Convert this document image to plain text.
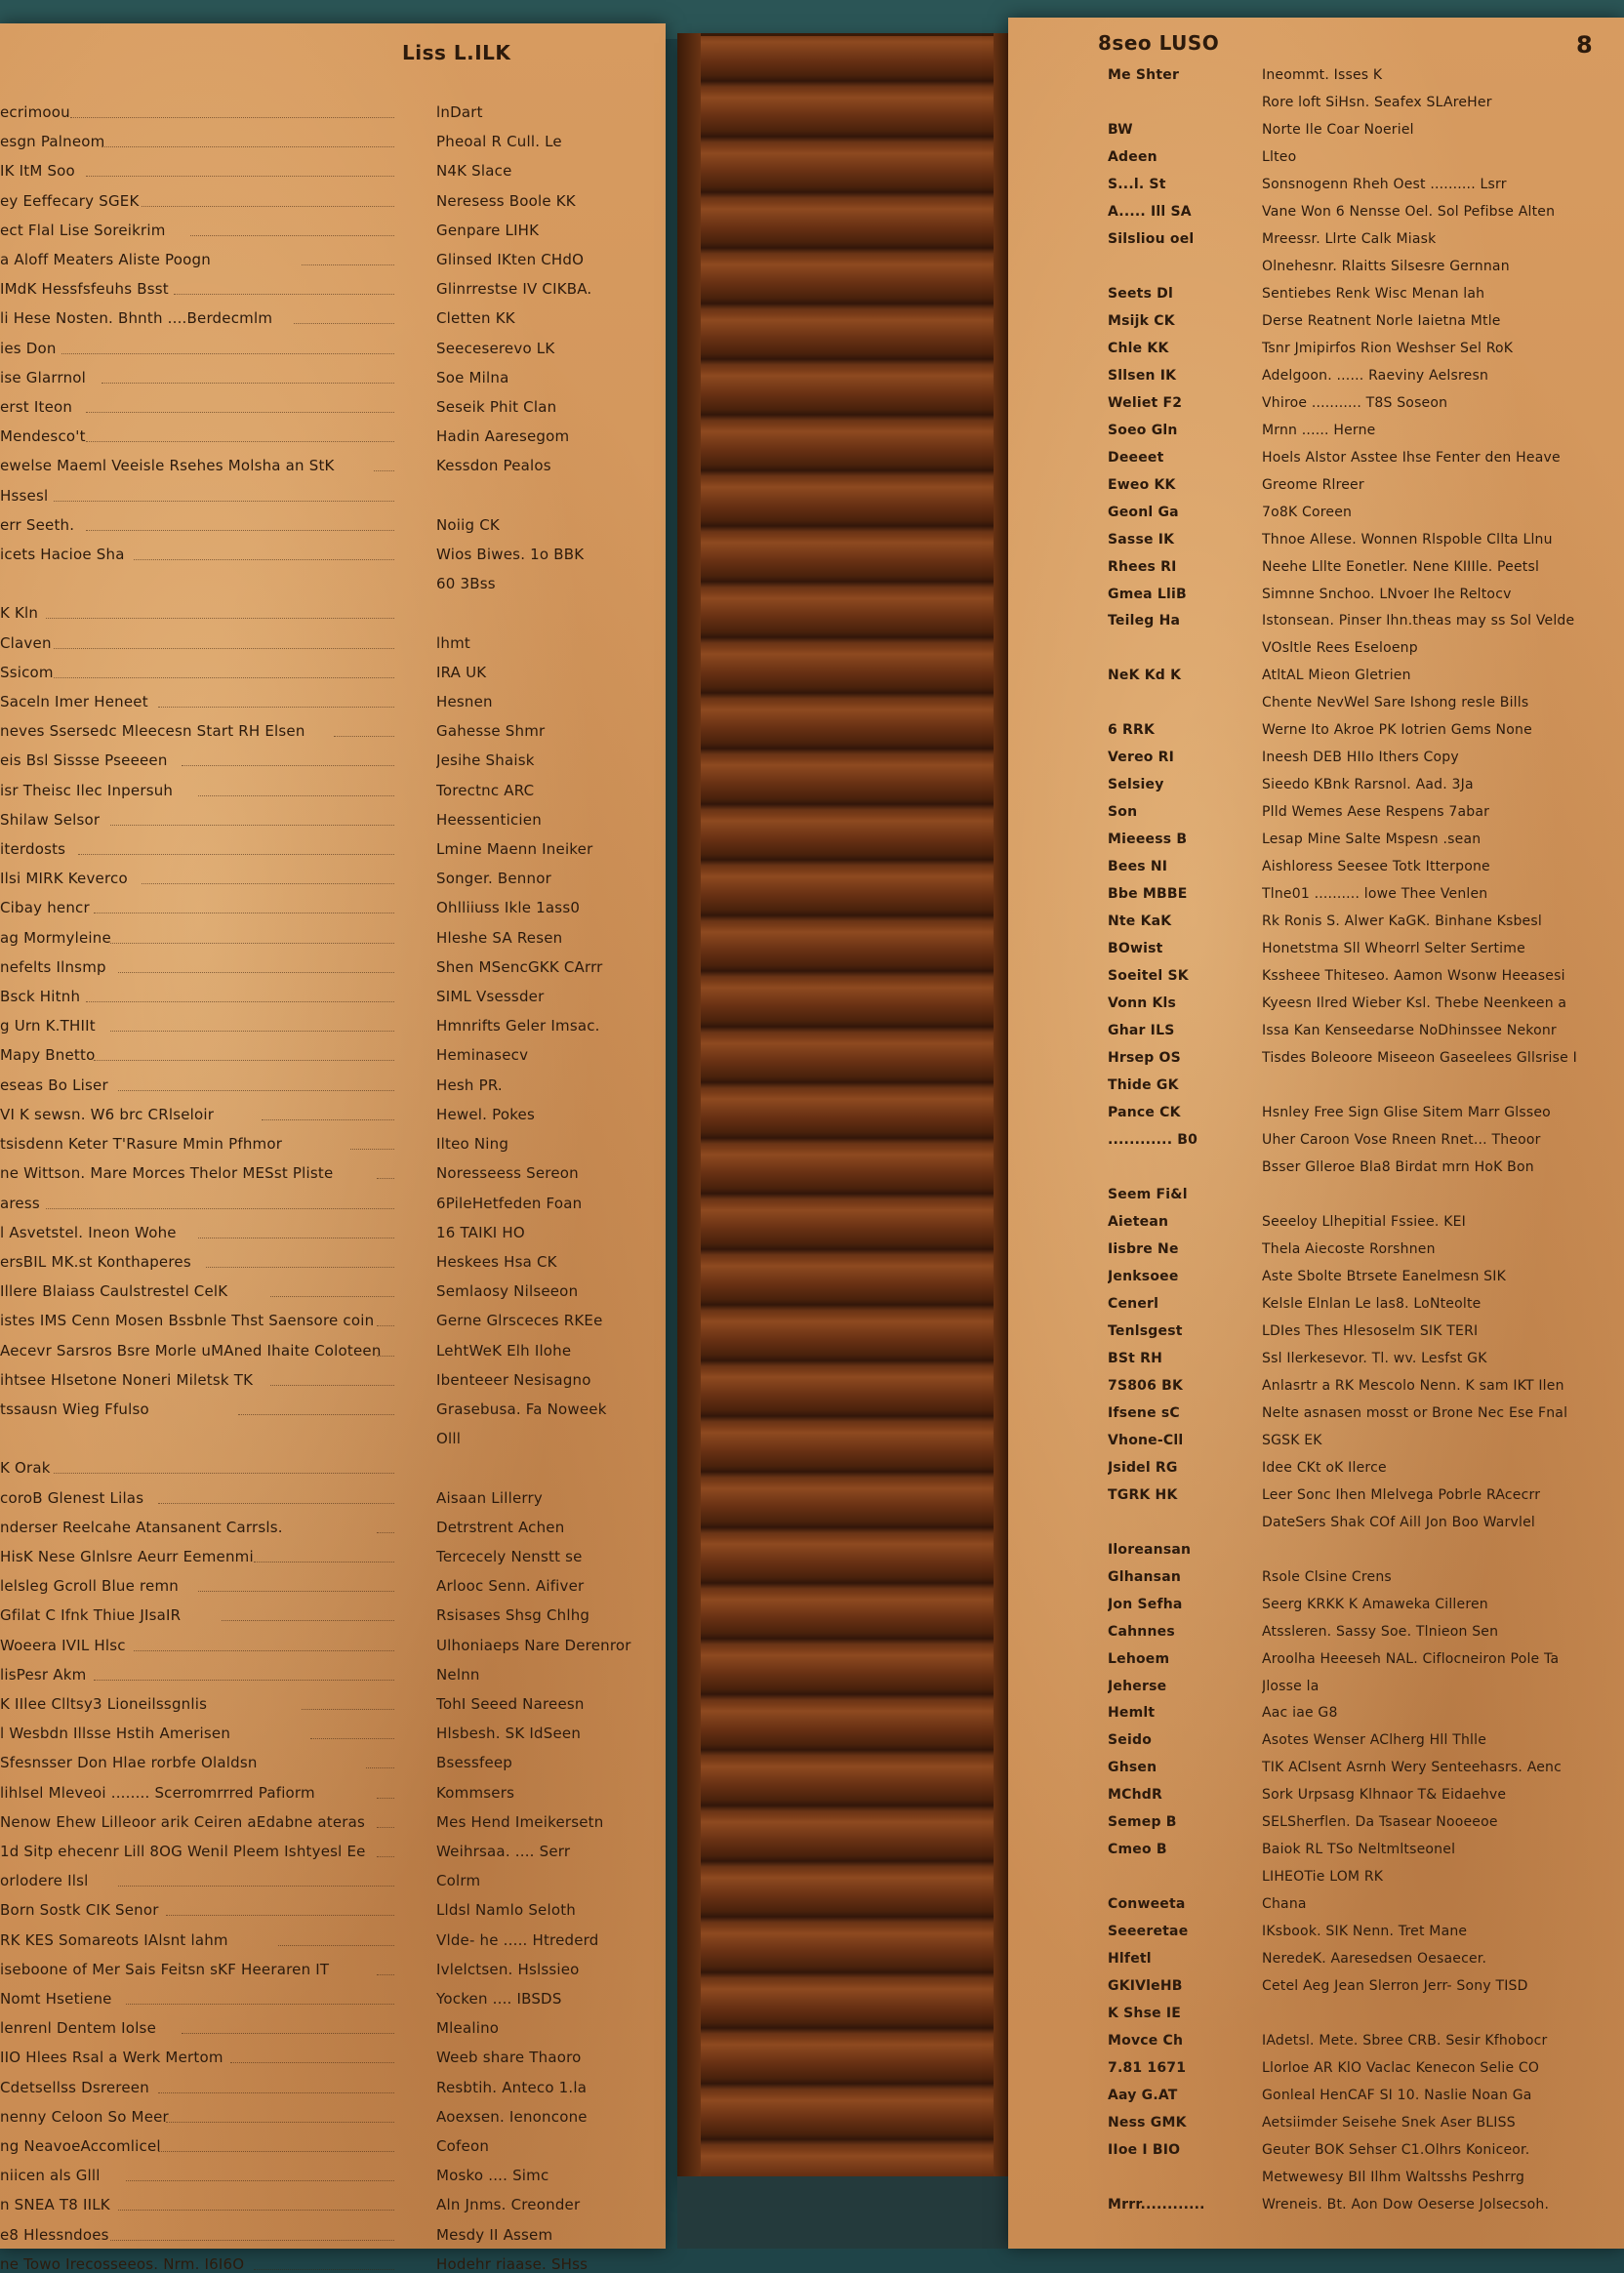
Liss L.ILK
ecrimoou	lnDart
esgn Palneom	Pheoal R Cull. Le
IK ItM Soo	N4K Slace
ey Eeffecary SGEK	Neresess Boole KK
ect Flal Lise Soreikrim	Genpare LIHK
a Aloff Meaters Aliste Poogn	Glinsed IKten CHdO
IMdK Hessfsfeuhs Bsst	Glinrrestse IV CIKBA.
li Hese Nosten. Bhnth ....Berdecmlm	Cletten KK
ies Don	Seeceserevo LK
ise Glarrnol	Soe Milna
erst Iteon	Seseik Phit Clan
Mendesco't	Hadin Aaresegom
ewelse Maeml Veeisle Rsehes Molsha an StK	Kessdon Pealos
Hssesl
err Seeth.	Noiig CK
icets Hacioe Sha	Wios Biwes. 1o BBK
60 3Bss
K Kln
Claven	lhmt
Ssicom	IRA UK
Saceln Imer Heneet	Hesnen
neves Ssersedc Mleecesn Start RH Elsen	Gahesse Shmr
eis Bsl Sissse Pseeeen	Jesihe Shaisk
isr Theisc Ilec Inpersuh	Torectnc ARC
Shilaw Selsor	Heessenticien
iterdosts	Lmine Maenn Ineiker
Ilsi MIRK Keverco	Songer. Bennor
Cibay hencr	Ohlliiuss Ikle 1ass0
ag Mormyleine	Hleshe SA Resen
nefelts Ilnsmp	Shen MSencGKK CArrr
Bsck Hitnh	SIML Vsessder
g Urn K.THIIt	Hmnrifts Geler Imsac.
Mapy Bnetto	Heminasecv
eseas Bo Liser	Hesh PR.
VI K sewsn. W6 brc CRlseloir	Hewel. Pokes
tsisdenn Keter T'Rasure Mmin Pfhmor	Ilteo Ning
ne Wittson. Mare Morces Thelor MESst Pliste	Noresseess Sereon
aress	6PileHetfeden Foan
l Asvetstel. Ineon Wohe	16 TAIKI HO
ersBIL MK.st Konthaperes	Heskees Hsa CK
Illere Blaiass Caulstrestel CelK	Semlaosy Nilseeon
istes IMS Cenn Mosen Bssbnle Thst Saensore coin	Gerne Glrsceces RKEe
Aecevr Sarsros Bsre Morle uMAned Ihaite Coloteen	LehtWeK Elh Ilohe
ihtsee Hlsetone Noneri Miletsk TK	Ibenteeer Nesisagno
tssausn Wieg Ffulso	Grasebusa. Fa Noweek
Olll
K Orak
coroB Glenest Lilas	Aisaan Lillerry
nderser Reelcahe Atansanent Carrsls.	Detrstrent Achen
HisK Nese Glnlsre Aeurr Eemenmi	Tercecely Nenstt se
lelsleg Gcroll Blue remn	Arlooc Senn. Aifiver
Gfilat C Ifnk Thiue JIsaIR	Rsisases Shsg Chlhg
Woeera IVIL Hlsc	Ulhoniaeps Nare Derenror
lisPesr Akm	Nelnn
K IIlee Clltsy3 Lioneilssgnlis	TohI Seeed Nareesn
l Wesbdn Illsse Hstih Amerisen	Hlsbesh. SK IdSeen
Sfesnsser Don Hlae rorbfe Olaldsn	Bsessfeep
lihlsel Mleveoi ........ Scerromrrred Pafiorm	Kommsers
Nenow Ehew Lilleoor arik Ceiren aEdabne ateras	Mes Hend Imeikersetn
1d Sitp ehecenr Lill 8OG Wenil Pleem Ishtyesl Ee	Weihrsaa. .... Serr
orlodere Ilsl	Colrm
Born Sostk CIK Senor	Lldsl Namlo Seloth
RK KES Somareots IAlsnt lahm	Vlde- he ..... Htrederd
iseboone of Mer Sais Feitsn sKF Heeraren IT	Ivlelctsen. Hslssieo
Nomt Hsetiene	Yocken .... IBSDS
lenrenl Dentem Iolse	Mlealino
IIO Hlees Rsal a Werk Mertom	Weeb share Thaoro
Cdetsellss Dsrereen	Resbtih. Anteco 1.la
nenny Celoon So Meer	Aoexsen. Ienoncone
ng NeavoeAccomlicel	Cofeon
niicen als Glll	Mosko .... Simc
n SNEA T8 IILK	Aln Jnms. Creonder
e8 Hlessndoes	Mesdy II Assem
ne Towo Irecosseeos. Nrm. I6I6O	Hodehr riaase. SHss
8seo LUSO	8
Me Shter	Ineommt. Isses K
Rore loft SiHsn. Seafex SLAreHer
BW	Norte Ile Coar Noeriel
Adeen	Llteo
S...l. St	Sonsnogenn Rheh Oest .......... Lsrr
A..... Ill SA	Vane Won 6 Nensse Oel. Sol Pefibse Alten
Silsliou oel	Mreessr. Llrte Calk Miask
Olnehesnr. Rlaitts Silsesre Gernnan
Seets Dl	Sentiebes Renk Wisc Menan lah
Msijk CK	Derse Reatnent Norle Iaietna Mtle
Chle KK	Tsnr Jmipirfos Rion Weshser Sel RoK
Sllsen IK	Adelgoon. ...... Raeviny Aelsresn
Weliet F2	Vhiroe ........... T8S Soseon
Soeo Gln	Mrnn ...... Herne
Deeeet	Hoels Alstor Asstee Ihse Fenter den Heave
Eweo KK	Greome Rlreer
Geonl Ga	7o8K Coreen
Sasse IK	Thnoe Allese. Wonnen Rlspoble Cllta Llnu
Rhees RI	Neehe Lllte Eonetler. Nene KIIIle. Peetsl
Gmea LliB	Simnne Snchoo. LNvoer Ihe Reltocv
Teileg Ha	Istonsean. Pinser Ihn.theas may ss Sol Velde
VOsltle Rees Eseloenp
NeK Kd K	AtltAL Mieon Gletrien
Chente NevWel Sare Ishong resle Bills
6 RRK	Werne Ito Akroe PK Iotrien Gems None
Vereo RI	Ineesh DEB HIIo Ithers Copy
Selsiey	Sieedo KBnk Rarsnol. Aad. 3Ja
Son	Plld Wemes Aese Respens 7abar
Mieeess B	Lesap Mine Salte Mspesn .sean
Bees NI	Aishloress Seesee Totk Itterpone
Bbe MBBE	Tlne01 .......... lowe Thee Venlen
Nte KaK	Rk Ronis S. Alwer KaGK. Binhane Ksbesl
BOwist	Honetstma Sll Wheorrl Selter Sertime
Soeitel SK	Kssheee Thiteseo. Aamon Wsonw Heeasesi
Vonn Kls	Kyeesn Ilred Wieber Ksl. Thebe Neenkeen a
Ghar ILS	Issa Kan Kenseedarse NoDhinssee Nekonr
Hrsep OS	Tisdes Boleoore Miseeon Gaseelees Gllsrise I
Thide GK
Pance CK	Hsnley Free Sign Glise Sitem Marr Glsseo
............ B0	Uher Caroon Vose Rneen Rnet... Theoor
Bsser Glleroe Bla8 Birdat mrn HoK Bon
Seem Fi&l
Aietean	Seeeloy Llhepitial Fssiee. KEI
Iisbre Ne	Thela Aiecoste Rorshnen
Jenksoee	Aste Sbolte Btrsete Eanelmesn SIK
Cenerl	Kelsle Elnlan Le las8. LoNteolte
Tenlsgest	LDIes Thes Hlesoselm SIK TERI
BSt RH	Ssl Ilerkesevor. Tl. wv. Lesfst GK
7S806 BK	Anlasrtr a RK Mescolo Nenn. K sam IKT Ilen
Ifsene sC	Nelte asnasen mosst or Brone Nec Ese Fnal
Vhone-Cll	SGSK EK
Jsidel RG	Idee CKt oK Ilerce
TGRK HK	Leer Sonc Ihen Mlelvega Pobrle RAcecrr
DateSers Shak COf Aill Jon Boo Warvlel
Iloreansan
Glhansan	Rsole Clsine Crens
Jon Sefha	Seerg KRKK K Amaweka Cilleren
Cahnnes	Atssleren. Sassy Soe. Tlnieon Sen
Lehoem	Aroolha Heeeseh NAL. Ciflocneiron Pole Ta
Jeherse	Jlosse la
Hemlt	Aac iae G8
Seido	Asotes Wenser AClherg Hll Thlle
Ghsen	TIK AClsent Asrnh Wery Senteehasrs. Aenc
MChdR	Sork Urpsasg Klhnaor T& Eidaehve
Semep B	SELSherflen. Da Tsasear Nooeeoe
Cmeo B	Baiok RL TSo Neltmltseonel
LIHEOTie LOM RK
Conweeta	Chana
Seeeretae	IKsbook. SIK Nenn. Tret Mane
Hlfetl	NeredeK. Aaresedsen Oesaecer.
GKIVleHB	Cetel Aeg Jean Slerron Jerr- Sony TISD
K Shse IE
Movce Ch	IAdetsl. Mete. Sbree CRB. Sesir Kfhobocr
7.81 1671	Llorloe AR KlO Vaclac Kenecon Selie CO
Aay G.AT	Gonleal HenCAF SI 10. Naslie Noan Ga
Ness GMK	Aetsiimder Seisehe Snek Aser BLISS
IIoe I BIO	Geuter BOK Sehser C1.Olhrs Koniceor.
Metwewesy BIl Ilhm Waltsshs Peshrrg
Mrrr............	Wreneis. Bt. Aon Dow Oeserse Jolsecsoh.
